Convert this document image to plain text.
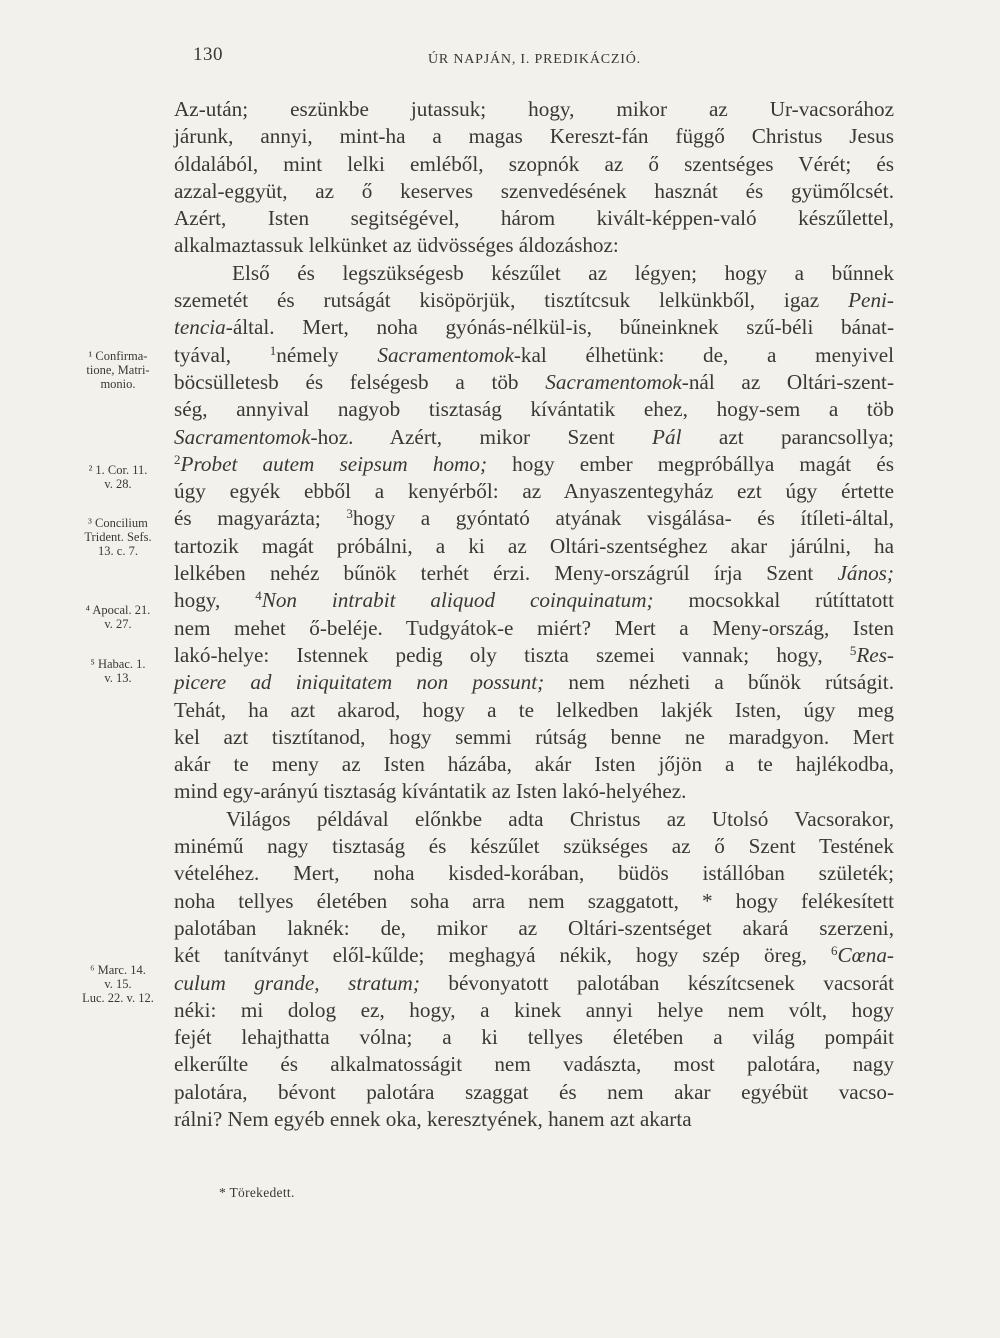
130	ÚR NAPJÁN, I. PREDIKÁCZIÓ.
Az-után; eszünkbe jutassuk; hogy, mikor az Ur-vacsorához
járunk, annyi, mint-ha a magas Kereszt-fán függő Christus Jesus
óldalából, mint lelki emléből, szopnók az ő szentséges Vérét; és
azzal-eggyüt, az ő keserves szenvedésének hasznát és gyümőlcsét.
Azért, Isten segitségével, három kivált-képpen-való készűlettel,
alkalmaztassuk lelkünket az üdvösséges áldozáshoz:
Első és legszükségesb készűlet az légyen; hogy a bűnnek
szemetét és rutságát kisöpörjük, tisztítcsuk lelkünkből, igaz Peni-
tencia-által. Mert, noha gyónás-nélkül-is, bűneinknek szű-béli bánat-
tyával, $^1$némely Sacramentomok-kal élhetünk: de, a menyivel
böcsülletesb és felségesb a töb Sacramentomok-nál az Oltári-szent-
ség, annyival nagyob tisztaság kívántatik ehez, hogy-sem a töb
Sacramentomok-hoz. Azért, mikor Szent Pál azt parancsollya;
$^2$Probet autem seipsum homo; hogy ember megpróbállya magát és
úgy egyék ebből a kenyérből: az Anyaszentegyház ezt úgy értette
és magyarázta; $^3$hogy a gyóntató atyának visgálása- és ítíleti-által,
tartozik magát próbálni, a ki az Oltári-szentséghez akar járúlni, ha
lelkében nehéz bűnök terhét érzi. Meny-országrúl írja Szent János;
hogy, $^4$Non intrabit aliquod coinquinatum; mocsokkal rútíttatott
nem mehet ő-beléje. Tudgyátok-e miért? Mert a Meny-ország, Isten
lakó-helye: Istennek pedig oly tiszta szemei vannak; hogy, $^5$Res-
picere ad iniquitatem non possunt; nem nézheti a bűnök rútságit.
Tehát, ha azt akarod, hogy a te lelkedben lakjék Isten, úgy meg
kel azt tisztítanod, hogy semmi rútság benne ne maradgyon. Mert
akár te meny az Isten házába, akár Isten jőjön a te hajlékodba,
mind egy-arányú tisztaság kívántatik az Isten lakó-helyéhez.
Világos példával előnkbe adta Christus az Utolsó Vacsorakor,
minémű nagy tisztaság és készűlet szükséges az ő Szent Testének
vételéhez. Mert, noha kisded-korában, büdös istállóban születék;
noha tellyes életében soha arra nem szaggatott, * hogy felékesített
palotában laknék: de, mikor az Oltári-szentséget akará szerzeni,
két tanítványt elől-kűlde; meghagyá nékik, hogy szép öreg, $^6$Cœna-
culum grande, stratum; bévonyatott palotában készítcsenek vacsorát
néki: mi dolog ez, hogy, a kinek annyi helye nem vólt, hogy
fejét lehajthatta vólna; a ki tellyes életében a világ pompáit
elkerűlte és alkalmatosságit nem vadászta, most palotára, nagy
palotára, bévont palotára szaggat és nem akar egyébüt vacso-
rálni? Nem egyéb ennek oka, keresztyének, hanem azt akarta
¹ Confirma-
tione, Matri-
monio.
² 1. Cor. 11.
v. 28.
³ Concilium
Trident. Sefs.
13. c. 7.
⁴ Apocal. 21.
v. 27.
⁵ Habac. 1.
v. 13.
⁶ Marc. 14.
v. 15.
Luc. 22. v. 12.
* Törekedett.
